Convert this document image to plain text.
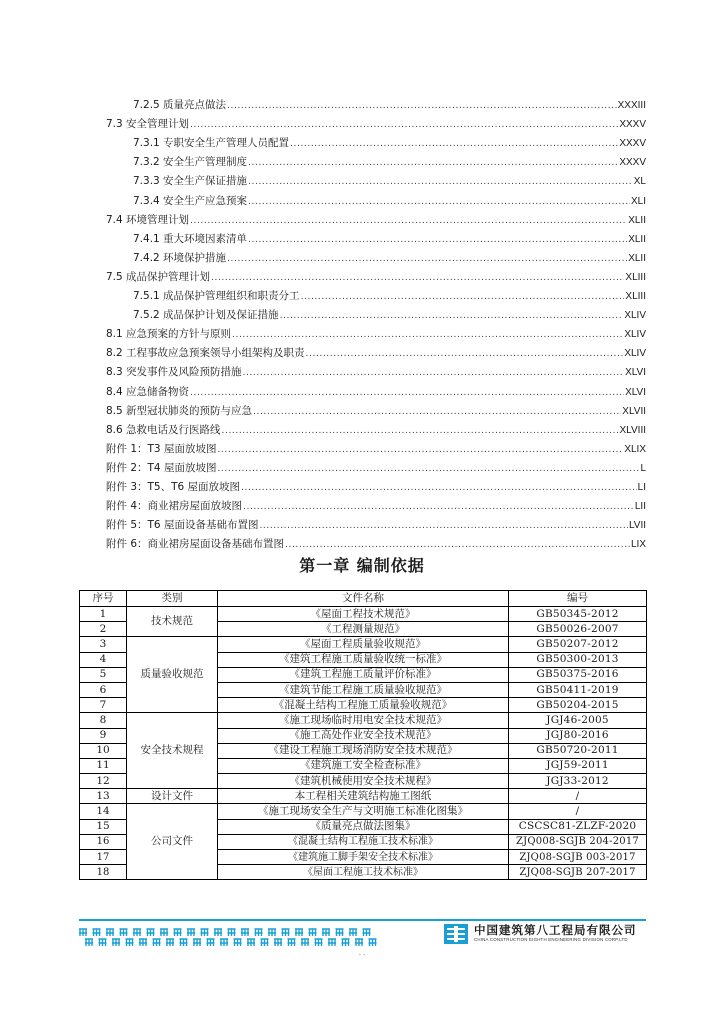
7.2.5 质量亮点做法 .....	XXXIII
7.3 安全管理计划 .....	XXXV
7.3.1 专职安全生产管理人员配置 .....	XXXV
7.3.2 安全生产管理制度 .....	XXXV
7.3.3 安全生产保证措施 .....	XL
7.3.4 安全生产应急预案 .....	XLI
7.4 环境管理计划 .....	XLII
7.4.1 重大环境因素清单 .....	XLII
7.4.2 环境保护措施 .....	XLII
7.5 成品保护管理计划 .....	XLIII
7.5.1 成品保护管理组织和职责分工 .....	XLIII
7.5.2 成品保护计划及保证措施 .....	XLIV
8.1 应急预案的方针与原则 .....	XLIV
8.2 工程事故应急预案领导小组架构及职责 .....	XLIV
8.3 突发事件及风险预防措施 .....	XLVI
8.4 应急储备物资 .....	XLVI
8.5 新型冠状肺炎的预防与应急 .....	XLVII
8.6 急救电话及行医路线 .....	XLVIII
附件 1：T3 屋面放坡图 .....	XLIX
附件 2：T4 屋面放坡图 .....	L
附件 3：T5、T6 屋面放坡图 .....	LI
附件 4：商业裙房屋面放坡图 .....	LII
附件 5：T6 屋面设备基础布置图 .....	LVII
附件 6：商业裙房屋面设备基础布置图 .....	LIX
第一章 编制依据
序号	类别	文件名称	编号
1	技术规范	《屋面工程技术规范》	GB50345-2012
2		《工程测量规范》	GB50026-2007
3	质量验收规范	《屋面工程质量验收规范》	GB50207-2012
4		《建筑工程施工质量验收统一标准》	GB50300-2013
5		《建筑工程施工质量评价标准》	GB50375-2016
6		《建筑节能工程施工质量验收规范》	GB50411-2019
7		《混凝土结构工程施工质量验收规范》	GB50204-2015
8	安全技术规程	《施工现场临时用电安全技术规范》	JGJ46-2005
9		《施工高处作业安全技术规范》	JGJ80-2016
10		《建设工程施工现场消防安全技术规范》	GB50720-2011
11		《建筑施工安全检查标准》	JGJ59-2011
12		《建筑机械使用安全技术规程》	JGJ33-2012
13	设计文件	本工程相关建筑结构施工图纸	/
14	公司文件	《施工现场安全生产与文明施工标准化图集》	/
15		《质量亮点做法图集》	CSCSC81-ZLZF-2020
16		《混凝土结构工程施工技术标准》	ZJQ008-SGJB 204-2017
17		《建筑施工脚手架安全技术标准》	ZJQ08-SGJB 003-2017
18		《屋面工程施工技术标准》	ZJQ08-SGJB 207-2017
中国建筑第八工程局有限公司
CHINA CONSTRUCTION EIGHTH ENGINEERING DIVISION CORP.LTD
- -
